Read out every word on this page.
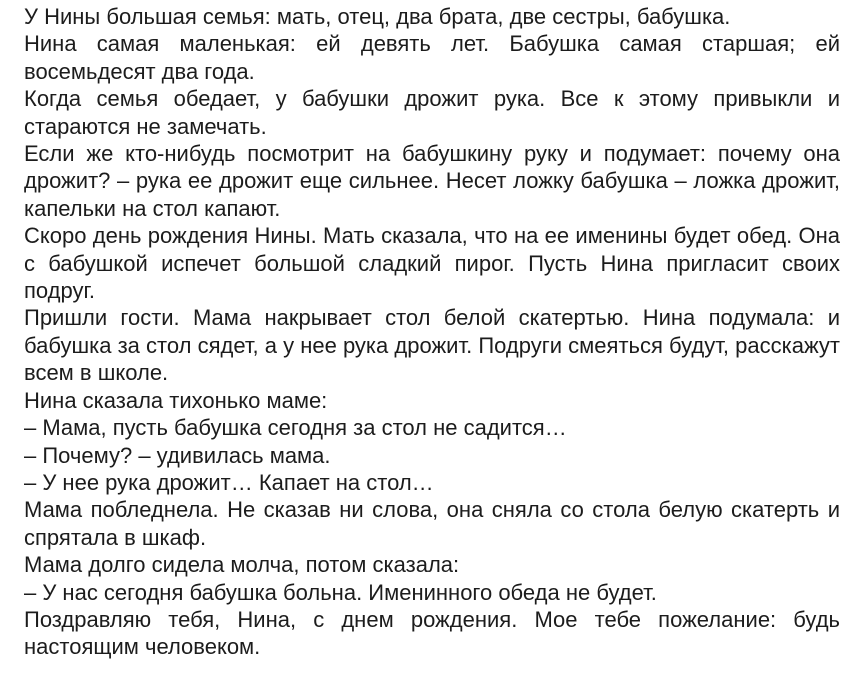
У Нины большая семья: мать, отец, два брата, две сестры, бабушка.

Нина самая маленькая: ей девять лет. Бабушка самая старшая; ей восемьдесят два года.

Когда семья обедает, у бабушки дрожит рука. Все к этому привыкли и стараются не замечать.

Если же кто-нибудь посмотрит на бабушкину руку и подумает: почему она дрожит? – рука ее дрожит еще сильнее. Несет ложку бабушка – ложка дрожит, капельки на стол капают.

Скоро день рождения Нины. Мать сказала, что на ее именины будет обед. Она с бабушкой испечет большой сладкий пирог. Пусть Нина пригласит своих подруг.

Пришли гости. Мама накрывает стол белой скатертью. Нина подумала: и бабушка за стол сядет, а у нее рука дрожит. Подруги смеяться будут, расскажут всем в школе.

Нина сказала тихонько маме:

– Мама, пусть бабушка сегодня за стол не садится…

– Почему? – удивилась мама.

– У нее рука дрожит… Капает на стол…

Мама побледнела. Не сказав ни слова, она сняла со стола белую скатерть и спрятала в шкаф.

Мама долго сидела молча, потом сказала:

– У нас сегодня бабушка больна. Именинного обеда не будет.

Поздравляю тебя, Нина, с днем рождения. Мое тебе пожелание: будь настоящим человеком.
